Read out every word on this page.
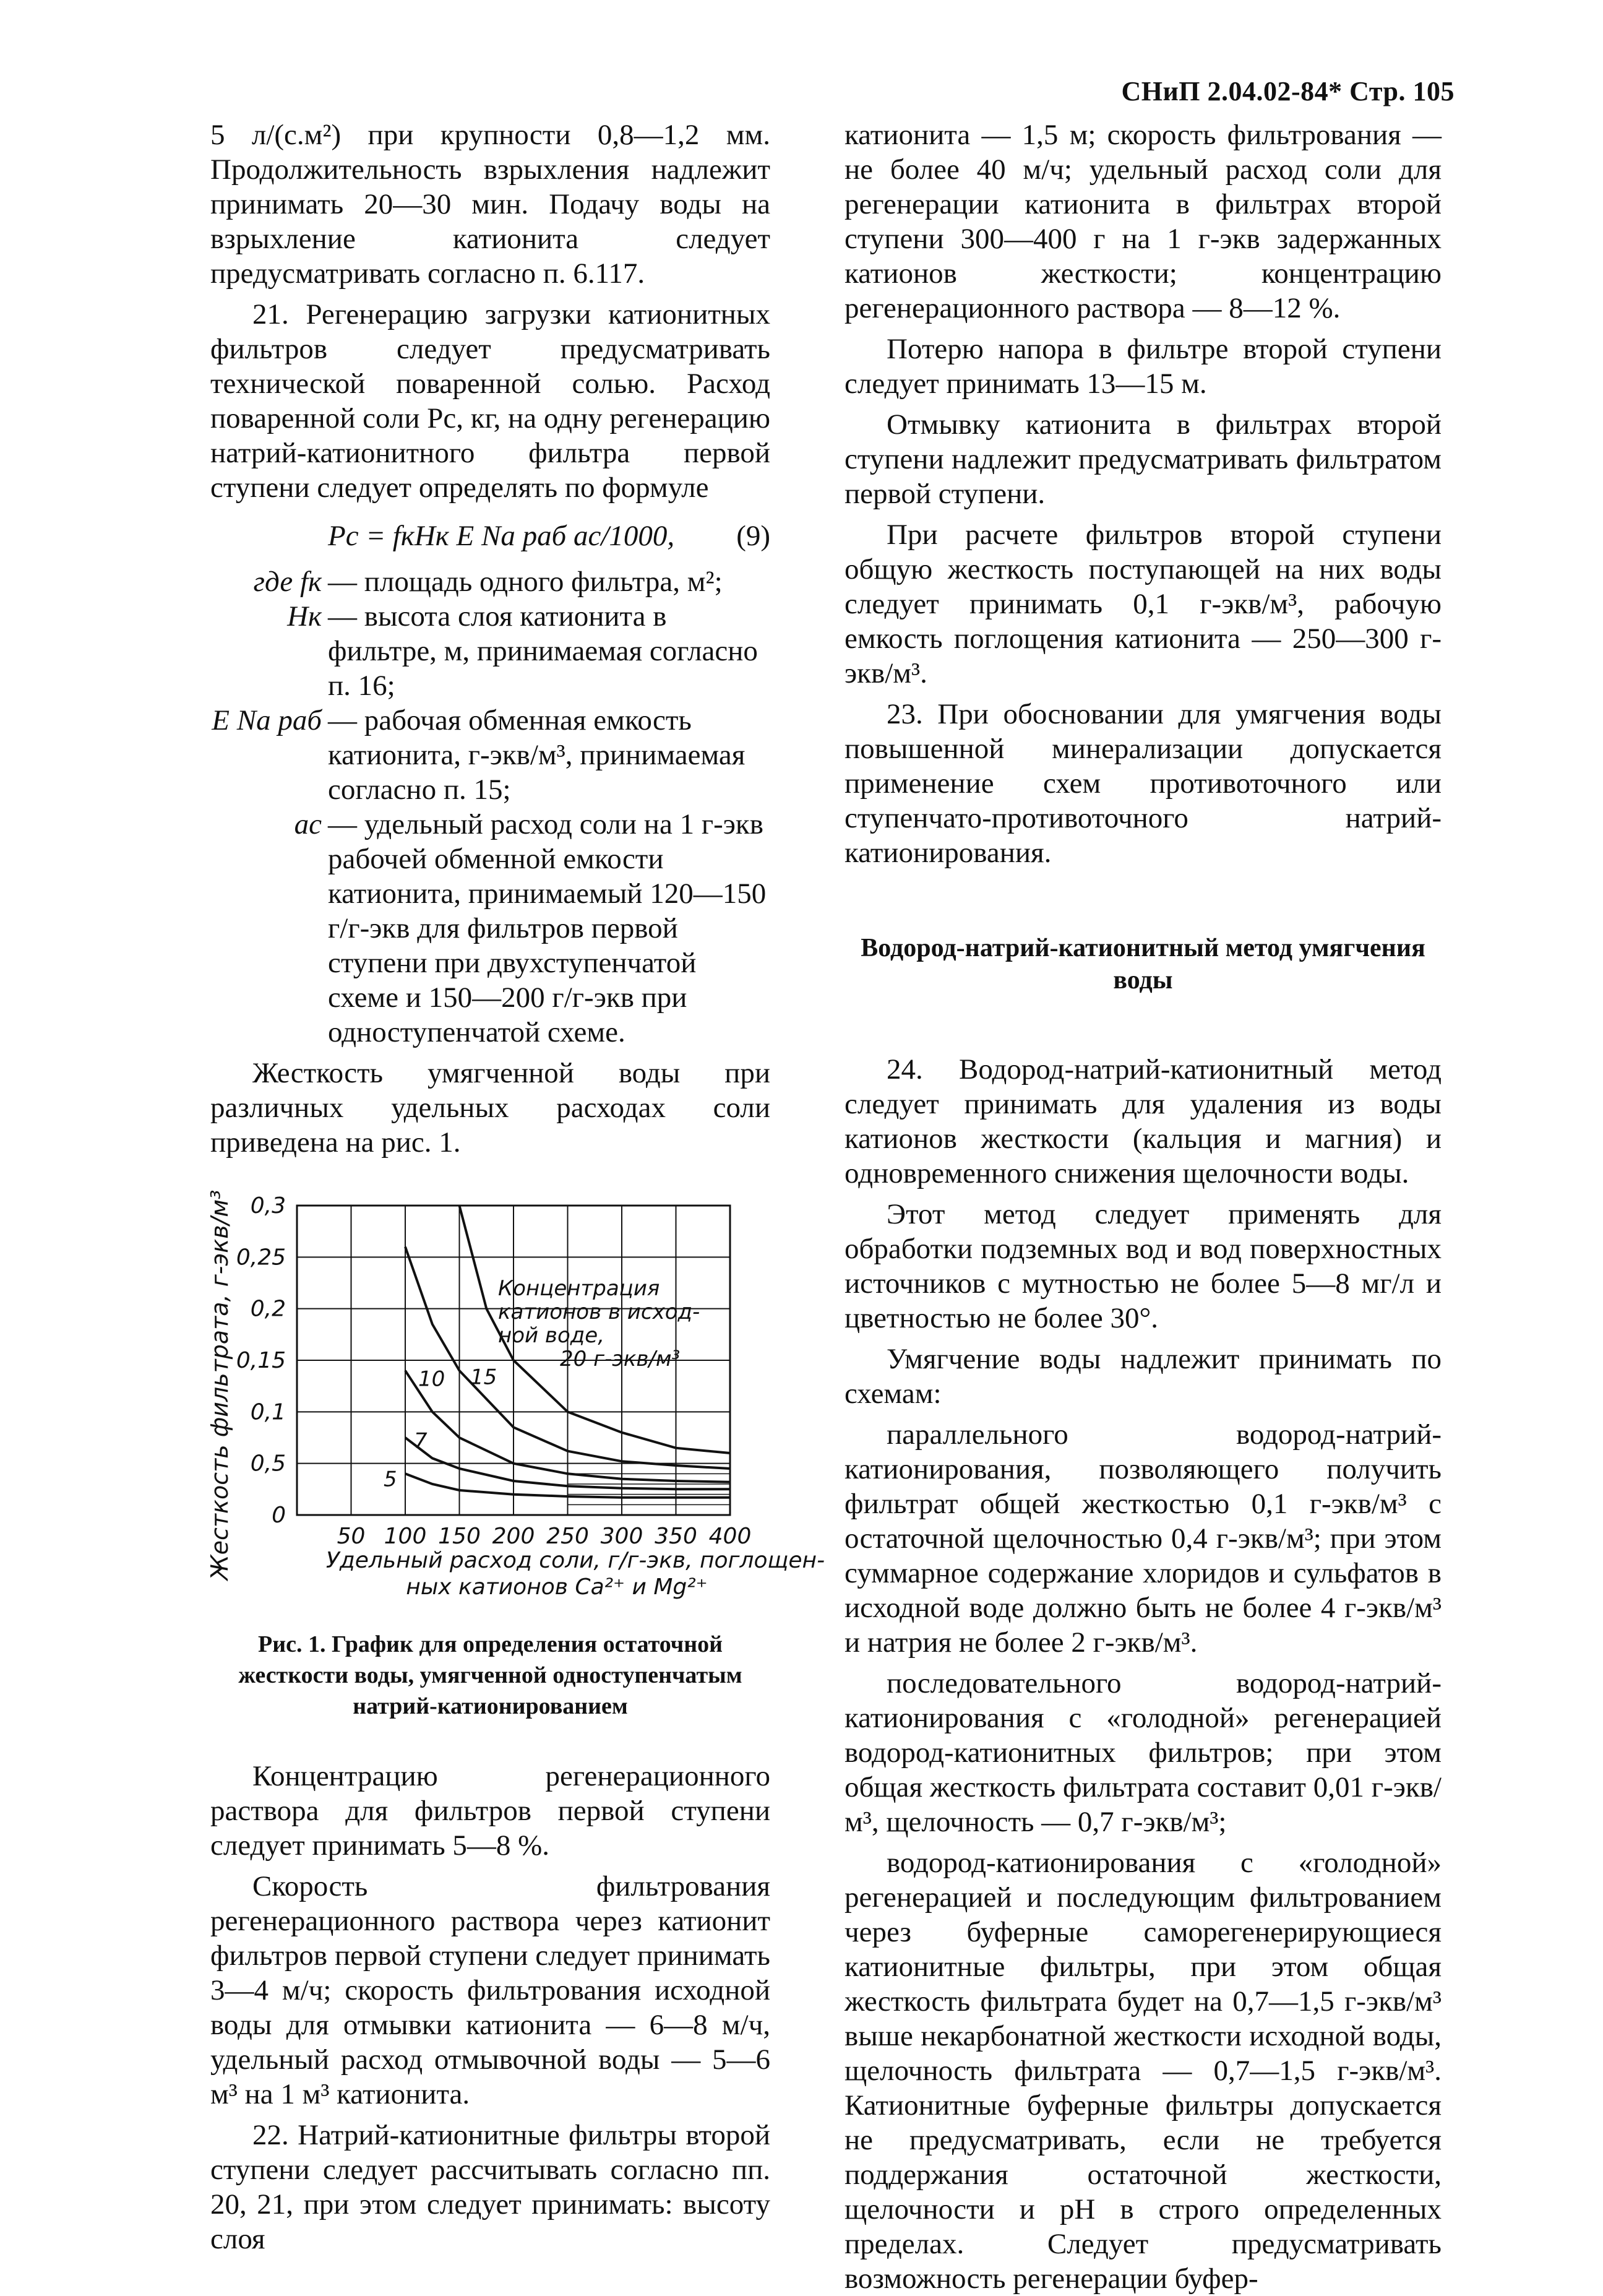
СНиП 2.04.02-84* Стр. 105

5 л/(с.м²) при крупности 0,8—1,2 мм. Продолжительность взрыхления надлежит принимать 20—30 мин. Подачу воды на взрыхление катионита следует предусматривать согласно п. 6.117.

21. Регенерацию загрузки катионитных фильтров следует предусматривать технической поваренной солью. Расход поваренной соли Pc, кг, на одну регенерацию натрий-катионитного фильтра первой ступени следует определять по формуле

Pc = fкHк E Na раб ac/1000, (9)
где fк — площадь одного фильтра, м²;
Hк — высота слоя катионита в фильтре, м, принимаемая согласно п. 16;
E Na раб — рабочая обменная емкость катионита, г-экв/м³, принимаемая согласно п. 15;
ac — удельный расход соли на 1 г-экв рабочей обменной емкости катионита, принимаемый 120—150 г/г-экв для фильтров первой ступени при двухступенчатой схеме и 150—200 г/г-экв при одноступенчатой схеме.

Жесткость умягченной воды при различных удельных расходах соли приведена на рис. 1.

0
0,5
0,1
0,15
0,2
0,25
0,3
50 100 150 200 250 300 350 400
5
7
10 15
Жесткость фильтрата, г-экв/м³	Концентрация
катионов в исход-
ной воде,
20 г-экв/м³
Удельный расход соли, г/г-экв, поглощен-
ных катионов Ca²⁺ и Mg²⁺

Рис. 1. График для определения остаточной жесткости воды, умягченной одноступенчатым натрий-катионированием

Концентрацию регенерационного раствора для фильтров первой ступени следует принимать 5—8 %.

Скорость фильтрования регенерационного раствора через катионит фильтров первой ступени следует принимать 3—4 м/ч; скорость фильтрования исходной воды для отмывки катионита — 6—8 м/ч, удельный расход отмывочной воды — 5—6 м³ на 1 м³ катионита.

22. Натрий-катионитные фильтры второй ступени следует рассчитывать согласно пп. 20, 21, при этом следует принимать: высоту слоя

катионита — 1,5 м; скорость фильтрования — не более 40 м/ч; удельный расход соли для регенерации катионита в фильтрах второй ступени 300—400 г на 1 г-экв задержанных катионов жесткости; концентрацию регенерационного раствора — 8—12 %.

Потерю напора в фильтре второй ступени следует принимать 13—15 м.

Отмывку катионита в фильтрах второй ступени надлежит предусматривать фильтратом первой ступени.

При расчете фильтров второй ступени общую жесткость поступающей на них воды следует принимать 0,1 г-экв/м³, рабочую емкость поглощения катионита — 250—300 г-экв/м³.

23. При обосновании для умягчения воды повышенной минерализации допускается применение схем противоточного или ступенчато-противоточного натрий-катионирования.

Водород-натрий-катионитный метод умягчения воды

24. Водород-натрий-катионитный метод следует принимать для удаления из воды катионов жесткости (кальция и магния) и одновременного снижения щелочности воды.

Этот метод следует применять для обработки подземных вод и вод поверхностных источников с мутностью не более 5—8 мг/л и цветностью не более 30°.

Умягчение воды надлежит принимать по схемам:

параллельного водород-натрий-катионирования, позволяющего получить фильтрат общей жесткостью 0,1 г-экв/м³ с остаточной щелочностью 0,4 г-экв/м³; при этом суммарное содержание хлоридов и сульфатов в исходной воде должно быть не более 4 г-экв/м³ и натрия не более 2 г-экв/м³.

последовательного водород-натрий-катионирования с «голодной» регенерацией водород-катионитных фильтров; при этом общая жесткость фильтрата составит 0,01 г-экв/м³, щелочность — 0,7 г-экв/м³;

водород-катионирования с «голодной» регенерацией и последующим фильтрованием через буферные саморегенерирующиеся катионитные фильтры, при этом общая жесткость фильтрата будет на 0,7—1,5 г-экв/м³ выше некарбонатной жесткости исходной воды, щелочность фильтрата — 0,7—1,5 г-экв/м³. Катионитные буферные фильтры допускается не предусматривать, если не требуется поддержания остаточной жесткости, щелочности и pH в строго определенных пределах. Следует предусматривать возможность регенерации буфер-
